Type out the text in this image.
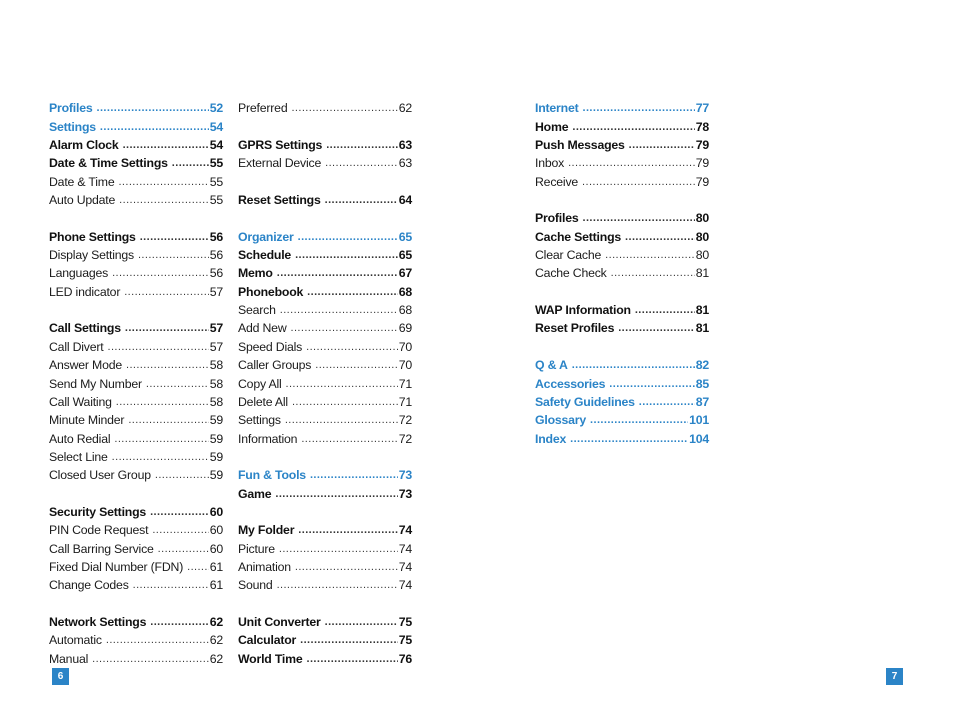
Profiles .....	52
Settings .....	54
Alarm Clock .....	54
Date & Time Settings .....	55
Date & Time .....	55
Auto Update .....	55
Phone Settings .....	56
Display Settings .....	56
Languages .....	56
LED indicator .....	57
Call Settings .....	57
Call Divert .....	57
Answer Mode .....	58
Send My Number .....	58
Call Waiting .....	58
Minute Minder .....	59
Auto Redial .....	59
Select Line .....	59
Closed User Group .....	59
Security Settings .....	60
PIN Code Request .....	60
Call Barring Service .....	60
Fixed Dial Number (FDN) .....	61
Change Codes .....	61
Network Settings .....	62
Automatic .....	62
Manual .....	62
Preferred .....	62
GPRS Settings .....	63
External Device .....	63
Reset Settings .....	64
Organizer .....	65
Schedule .....	65
Memo .....	67
Phonebook .....	68
Search .....	68
Add New .....	69
Speed Dials .....	70
Caller Groups .....	70
Copy All .....	71
Delete All .....	71
Settings .....	72
Information .....	72
Fun & Tools .....	73
Game .....	73
My Folder .....	74
Picture .....	74
Animation .....	74
Sound .....	74
Unit Converter .....	75
Calculator .....	75
World Time .....	76
Internet .....	77
Home .....	78
Push Messages .....	79
Inbox .....	79
Receive .....	79
Profiles .....	80
Cache Settings .....	80
Clear Cache .....	80
Cache Check .....	81
WAP Information .....	81
Reset Profiles .....	81
Q & A .....	82
Accessories .....	85
Safety Guidelines .....	87
Glossary .....	101
Index .....	104
6	7
